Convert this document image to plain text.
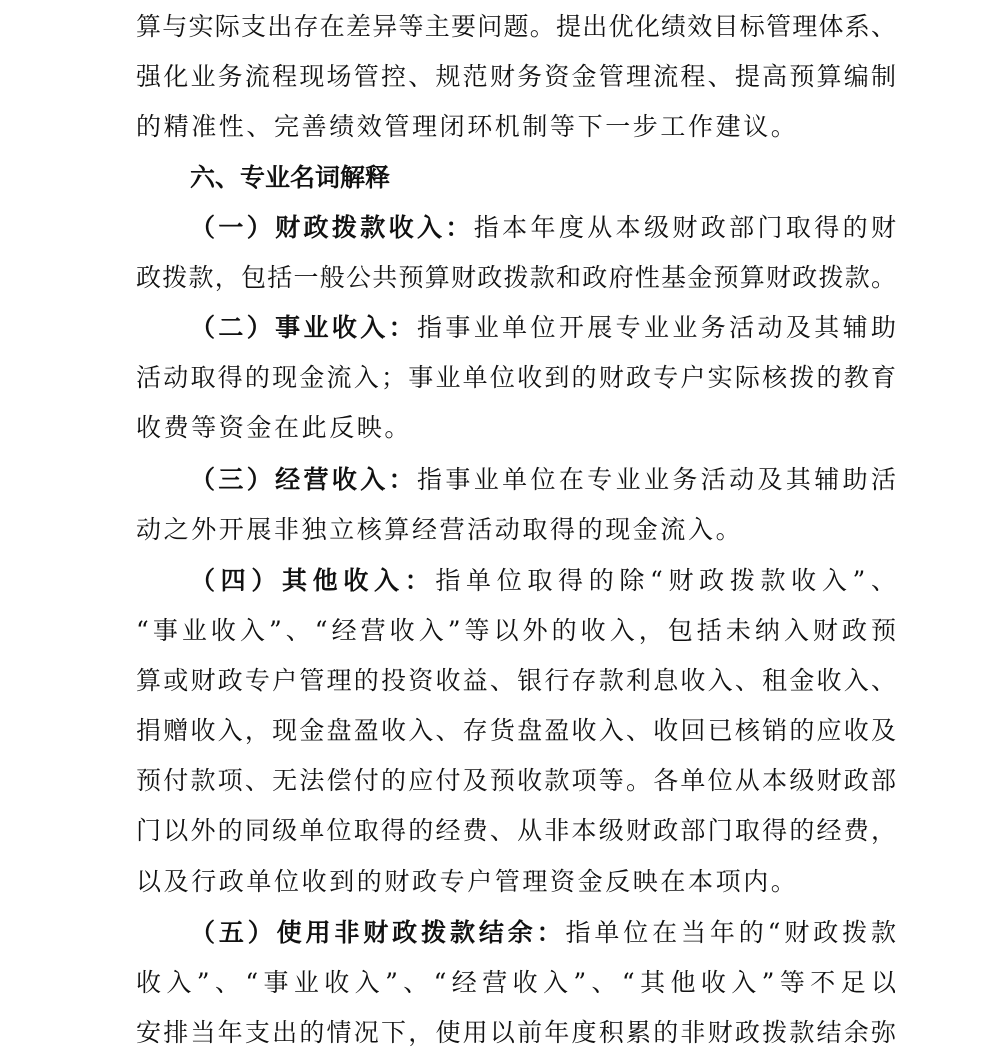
算与实际支出存在差异等主要问题。提出优化绩效目标管理体系、
强化业务流程现场管控、规范财务资金管理流程、提高预算编制
的精准性、完善绩效管理闭环机制等下一步工作建议。
六、专业名词解释
（一）财政拨款收入：指本年度从本级财政部门取得的财
政拨款，包括一般公共预算财政拨款和政府性基金预算财政拨款。
（二）事业收入：指事业单位开展专业业务活动及其辅助
活动取得的现金流入；事业单位收到的财政专户实际核拨的教育
收费等资金在此反映。
（三）经营收入：指事业单位在专业业务活动及其辅助活
动之外开展非独立核算经营活动取得的现金流入。
（四）其他收入：指单位取得的除“财政拨款收入”、
“事业收入”、“经营收入”等以外的收入，包括未纳入财政预
算或财政专户管理的投资收益、银行存款利息收入、租金收入、
捐赠收入，现金盘盈收入、存货盘盈收入、收回已核销的应收及
预付款项、无法偿付的应付及预收款项等。各单位从本级财政部
门以外的同级单位取得的经费、从非本级财政部门取得的经费，
以及行政单位收到的财政专户管理资金反映在本项内。
（五）使用非财政拨款结余：指单位在当年的“财政拨款
收入”、“事业收入”、“经营收入”、“其他收入”等不足以
安排当年支出的情况下，使用以前年度积累的非财政拨款结余弥
